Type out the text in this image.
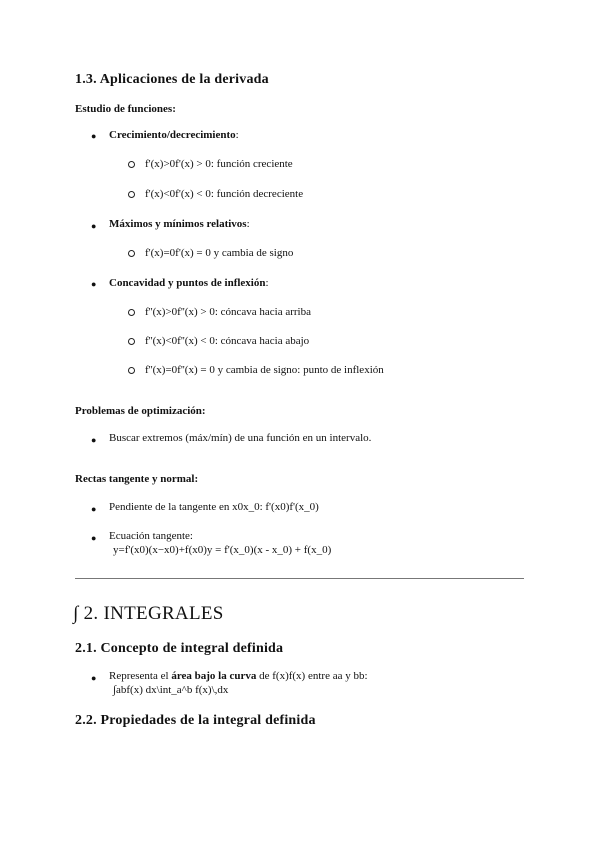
1.3. Aplicaciones de la derivada
Estudio de funciones:
● Crecimiento/decrecimiento:
f'(x)>0f'(x) > 0: función creciente
f'(x)<0f'(x) < 0: función decreciente
● Máximos y mínimos relativos:
f'(x)=0f'(x) = 0 y cambia de signo
● Concavidad y puntos de inflexión:
f''(x)>0f''(x) > 0: cóncava hacia arriba
f''(x)<0f''(x) < 0: cóncava hacia abajo
f''(x)=0f''(x) = 0 y cambia de signo: punto de inflexión
Problemas de optimización:
● Buscar extremos (máx/mín) de una función en un intervalo.
Rectas tangente y normal:
● Pendiente de la tangente en x0x_0: f'(x0)f'(x_0)
● Ecuación tangente:
y=f'(x0)(x−x0)+f(x0)y = f'(x_0)(x - x_0) + f(x_0)
∫ 2. INTEGRALES
2.1. Concepto de integral definida
● Representa el área bajo la curva de f(x)f(x) entre aa y bb:
∫abf(x) dx\int_a^b f(x)\,dx
2.2. Propiedades de la integral definida
